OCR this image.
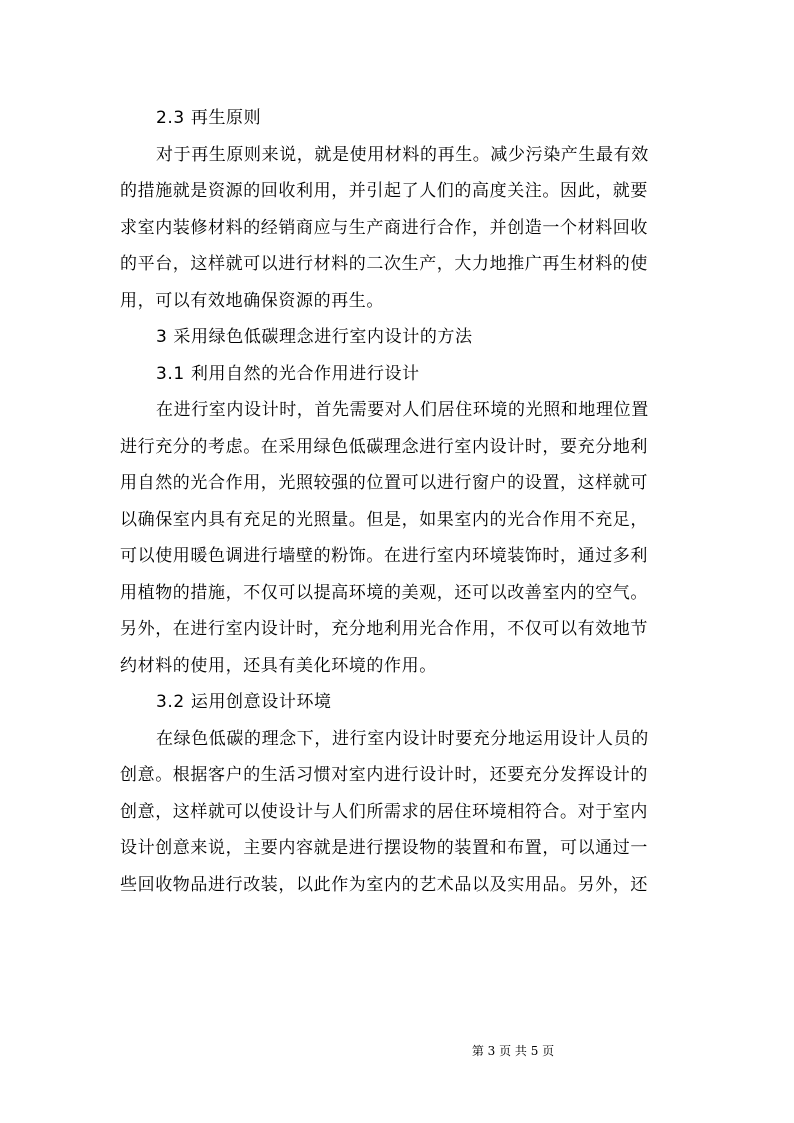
2.3 再生原则

对于再生原则来说，就是使用材料的再生。减少污染产生最有效

的措施就是资源的回收利用，并引起了人们的高度关注。因此，就要

求室内装修材料的经销商应与生产商进行合作，并创造一个材料回收

的平台，这样就可以进行材料的二次生产，大力地推广再生材料的使

用，可以有效地确保资源的再生。

3 采用绿色低碳理念进行室内设计的方法

3.1 利用自然的光合作用进行设计

在进行室内设计时，首先需要对人们居住环境的光照和地理位置

进行充分的考虑。在采用绿色低碳理念进行室内设计时，要充分地利

用自然的光合作用，光照较强的位置可以进行窗户的设置，这样就可

以确保室内具有充足的光照量。但是，如果室内的光合作用不充足，

可以使用暖色调进行墙壁的粉饰。在进行室内环境装饰时，通过多利

用植物的措施，不仅可以提高环境的美观，还可以改善室内的空气。

另外，在进行室内设计时，充分地利用光合作用，不仅可以有效地节

约材料的使用，还具有美化环境的作用。

3.2 运用创意设计环境

在绿色低碳的理念下，进行室内设计时要充分地运用设计人员的

创意。根据客户的生活习惯对室内进行设计时，还要充分发挥设计的

创意，这样就可以使设计与人们所需求的居住环境相符合。对于室内

设计创意来说，主要内容就是进行摆设物的装置和布置，可以通过一

些回收物品进行改装，以此作为室内的艺术品以及实用品。另外，还

第 3 页 共 5 页
